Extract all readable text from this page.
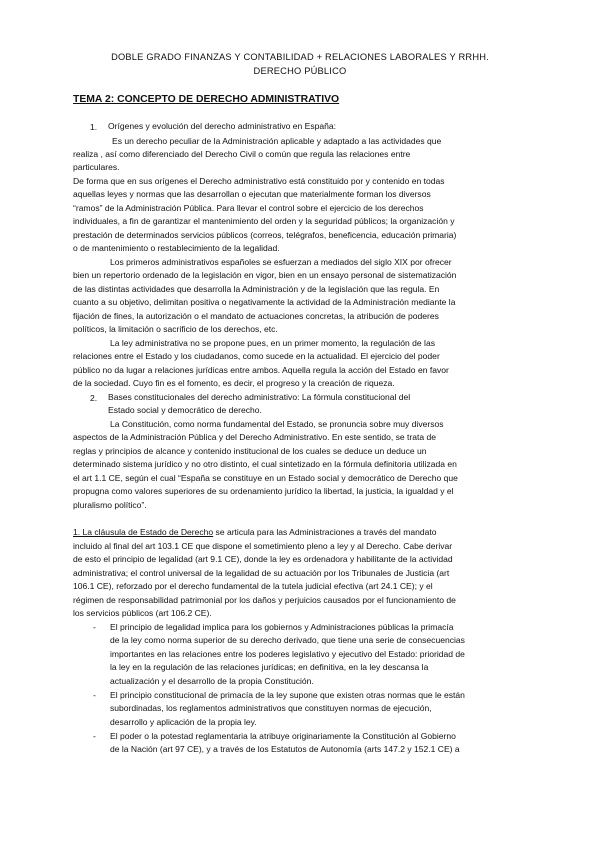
DOBLE GRADO FINANZAS Y CONTABILIDAD + RELACIONES LABORALES Y RRHH.
DERECHO PÚBLICO
TEMA 2: CONCEPTO DE DERECHO ADMINISTRATIVO
1. Orígenes y evolución del derecho administrativo en España:
Es un derecho peculiar de la Administración aplicable y adaptado a las actividades que
realiza , así como diferenciado del Derecho Civil o común que regula las relaciones entre
particulares.
De forma que en sus orígenes el Derecho administrativo está constituido por y contenido en todas
aquellas leyes y normas que las desarrollan o ejecutan que materialmente forman los diversos
“ramos” de la Administración Pública. Para llevar el control sobre el ejercicio de los derechos
individuales, a fin de garantizar el mantenimiento del orden y la seguridad públicos; la organización y
prestación de determinados servicios públicos (correos, telégrafos, beneficencia, educación primaria)
o de mantenimiento o restablecimiento de la legalidad.
Los primeros administrativos españoles se esfuerzan a mediados del siglo XIX por ofrecer
bien un repertorio ordenado de la legislación en vigor, bien en un ensayo personal de sistematización
de las distintas actividades que desarrolla la Administración y de la legislación que las regula. En
cuanto a su objetivo, delimitan positiva o negativamente la actividad de la Administración mediante la
fijación de fines, la autorización o el mandato de actuaciones concretas, la atribución de poderes
políticos, la limitación o sacrificio de los derechos, etc.
La ley administrativa no se propone pues, en un primer momento, la regulación de las
relaciones entre el Estado y los ciudadanos, como sucede en la actualidad. El ejercicio del poder
público no da lugar a relaciones jurídicas entre ambos. Aquella regula la acción del Estado en favor
de la sociedad. Cuyo fin es el fomento, es decir, el progreso y la creación de riqueza.
2. Bases constitucionales del derecho administrativo: La fórmula constitucional del
Estado social y democrático de derecho.
La Constitución, como norma fundamental del Estado, se pronuncia sobre muy diversos
aspectos de la Administración Pública y del Derecho Administrativo. En este sentido, se trata de
reglas y principios de alcance y contenido institucional de los cuales se deduce un deduce un
determinado sistema jurídico y no otro distinto, el cual sintetizado en la fórmula definitoria utilizada en
el art 1.1 CE, según el cual “España se constituye en un Estado social y democrático de Derecho que
propugna como valores superiores de su ordenamiento jurídico la libertad, la justicia, la igualdad y el
pluralismo político”.
1. La cláusula de Estado de Derecho se articula para las Administraciones a través del mandato
incluido al final del art 103.1 CE que dispone el sometimiento pleno a ley y al Derecho. Cabe derivar
de esto el principio de legalidad (art 9.1 CE), donde la ley es ordenadora y habilitante de la actividad
administrativa; el control universal de la legalidad de su actuación por los Tribunales de Justicia (art
106.1 CE), reforzado por el derecho fundamental de la tutela judicial efectiva (art 24.1 CE); y el
régimen de responsabilidad patrimonial por los daños y perjuicios causados por el funcionamiento de
los servicios públicos (art 106.2 CE).
- El principio de legalidad implica para los gobiernos y Administraciones públicas la primacía
de la ley como norma superior de su derecho derivado, que tiene una serie de consecuencias
importantes en las relaciones entre los poderes legislativo y ejecutivo del Estado: prioridad de
la ley en la regulación de las relaciones jurídicas; en definitiva, en la ley descansa la
actualización y el desarrollo de la propia Constitución.
- El principio constitucional de primacía de la ley supone que existen otras normas que le están
subordinadas, los reglamentos administrativos que constituyen normas de ejecución,
desarrollo y aplicación de la propia ley.
- El poder o la potestad reglamentaria la atribuye originariamente la Constitución al Gobierno
de la Nación (art 97 CE), y a través de los Estatutos de Autonomía (arts 147.2 y 152.1 CE) a
